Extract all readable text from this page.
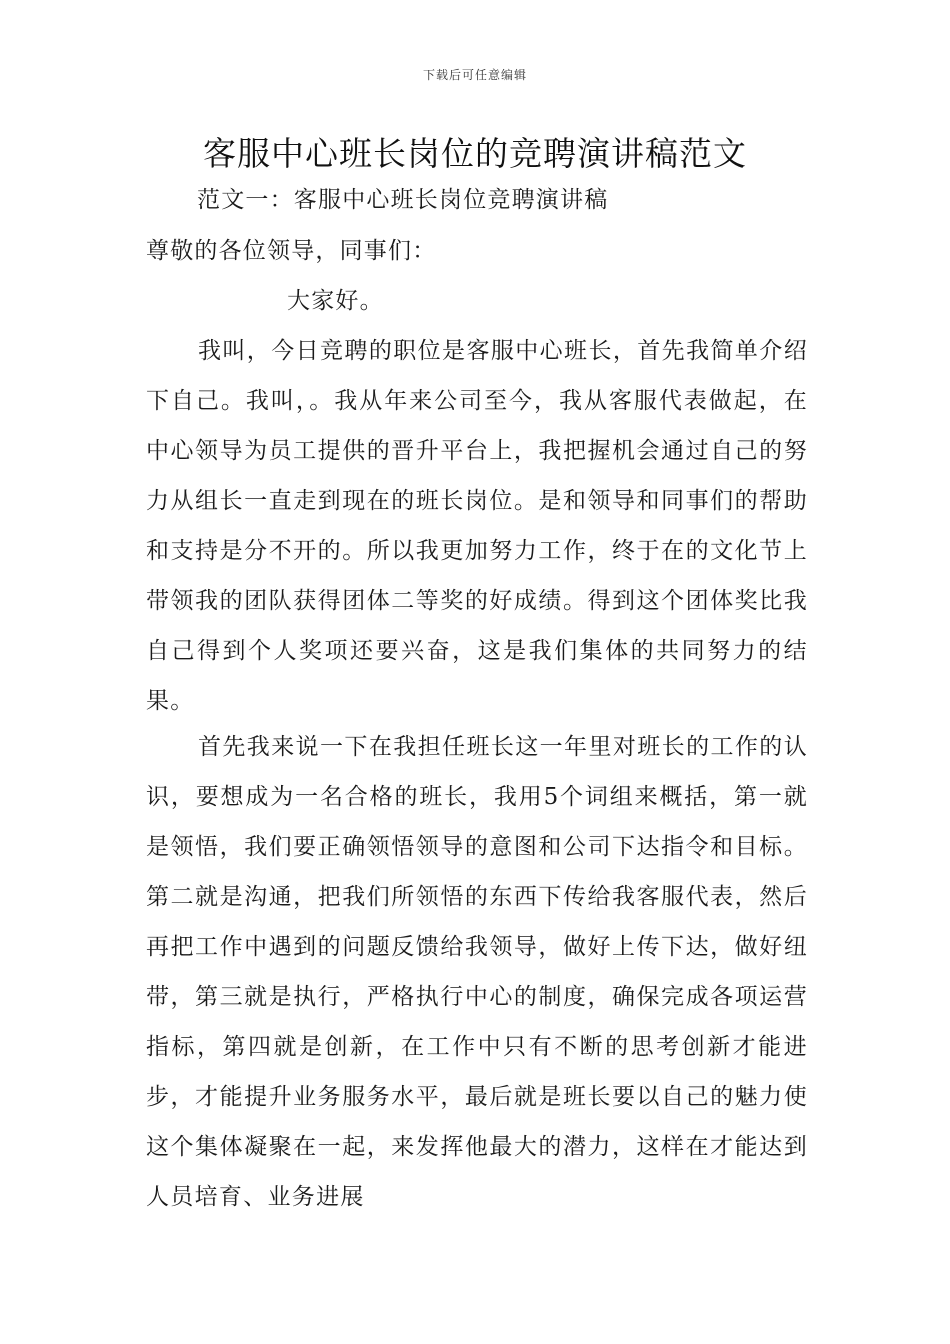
下载后可任意编辑
客服中心班长岗位的竞聘演讲稿范文
范文一：客服中心班长岗位竞聘演讲稿
尊敬的各位领导，同事们：
大家好。
我叫，今日竞聘的职位是客服中心班长，首先我简单介绍下自己。我叫，。我从年来公司至今，我从客服代表做起，在中心领导为员工提供的晋升平台上，我把握机会通过自己的努力从组长一直走到现在的班长岗位。是和领导和同事们的帮助和支持是分不开的。所以我更加努力工作，终于在的文化节上带领我的团队获得团体二等奖的好成绩。得到这个团体奖比我自己得到个人奖项还要兴奋，这是我们集体的共同努力的结果。
首先我来说一下在我担任班长这一年里对班长的工作的认识，要想成为一名合格的班长，我用5个词组来概括，第一就是领悟，我们要正确领悟领导的意图和公司下达指令和目标。第二就是沟通，把我们所领悟的东西下传给我客服代表，然后再把工作中遇到的问题反馈给我领导，做好上传下达，做好纽带，第三就是执行，严格执行中心的制度，确保完成各项运营指标，第四就是创新，在工作中只有不断的思考创新才能进步，才能提升业务服务水平，最后就是班长要以自己的魅力使这个集体凝聚在一起，来发挥他最大的潜力，这样在才能达到人员培育、业务进展
